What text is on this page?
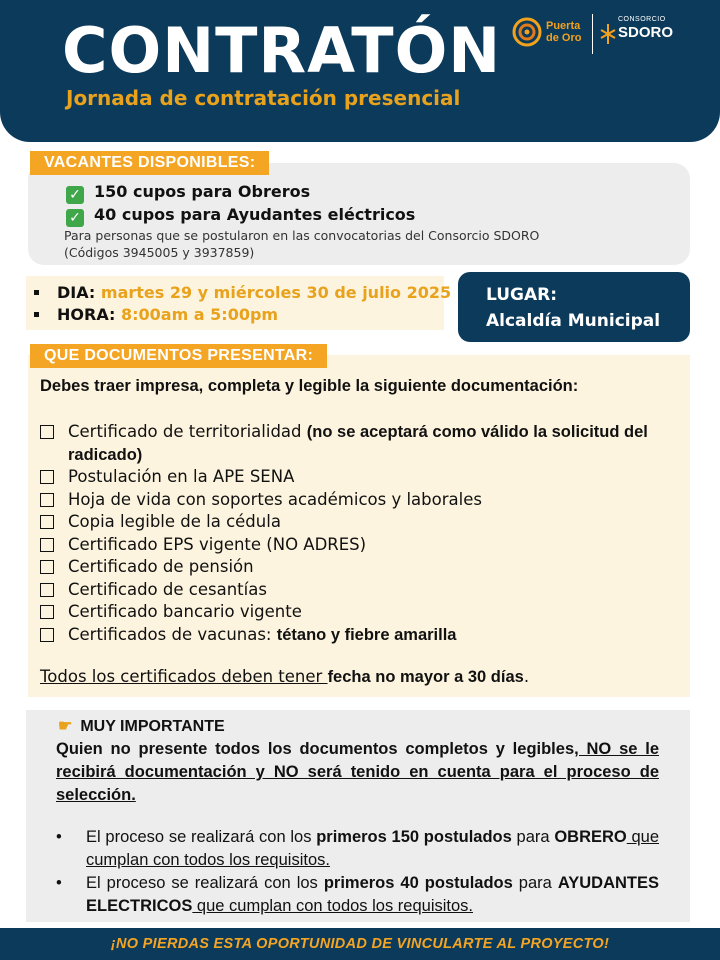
CONTRATÓN
Jornada de contratación presencial
Puerta
de Oro
CONSORCIO
SDORO
✓ 150 cupos para Obreros
✓ 40 cupos para Ayudantes eléctricos
Para personas que se postularon en las convocatorias del Consorcio SDORO
(Códigos 3945005 y 3937859)
VACANTES DISPONIBLES:
DIA: martes 29 y miércoles 30 de julio 2025
HORA: 8:00am a 5:00pm
LUGAR:
Alcaldía Municipal
Debes traer impresa, completa y legible la siguiente documentación:
Certificado de territorialidad (no se aceptará como válido la solicitud del radicado)
Postulación en la APE SENA
Hoja de vida con soportes académicos y laborales
Copia legible de la cédula
Certificado EPS vigente (NO ADRES)
Certificado de pensión
Certificado de cesantías
Certificado bancario vigente
Certificados de vacunas: tétano y fiebre amarilla
Todos los certificados deben tener fecha no mayor a 30 días.
QUE DOCUMENTOS PRESENTAR:
☛ MUY IMPORTANTE
Quien no presente todos los documentos completos y legibles, NO se le recibirá documentación y NO será tenido en cuenta para el proceso de selección.
• El proceso se realizará con los primeros 150 postulados para OBRERO que cumplan con todos los requisitos.
• El proceso se realizará con los primeros 40 postulados para AYUDANTES ELECTRICOS que cumplan con todos los requisitos.
¡NO PIERDAS ESTA OPORTUNIDAD DE VINCULARTE AL PROYECTO!
